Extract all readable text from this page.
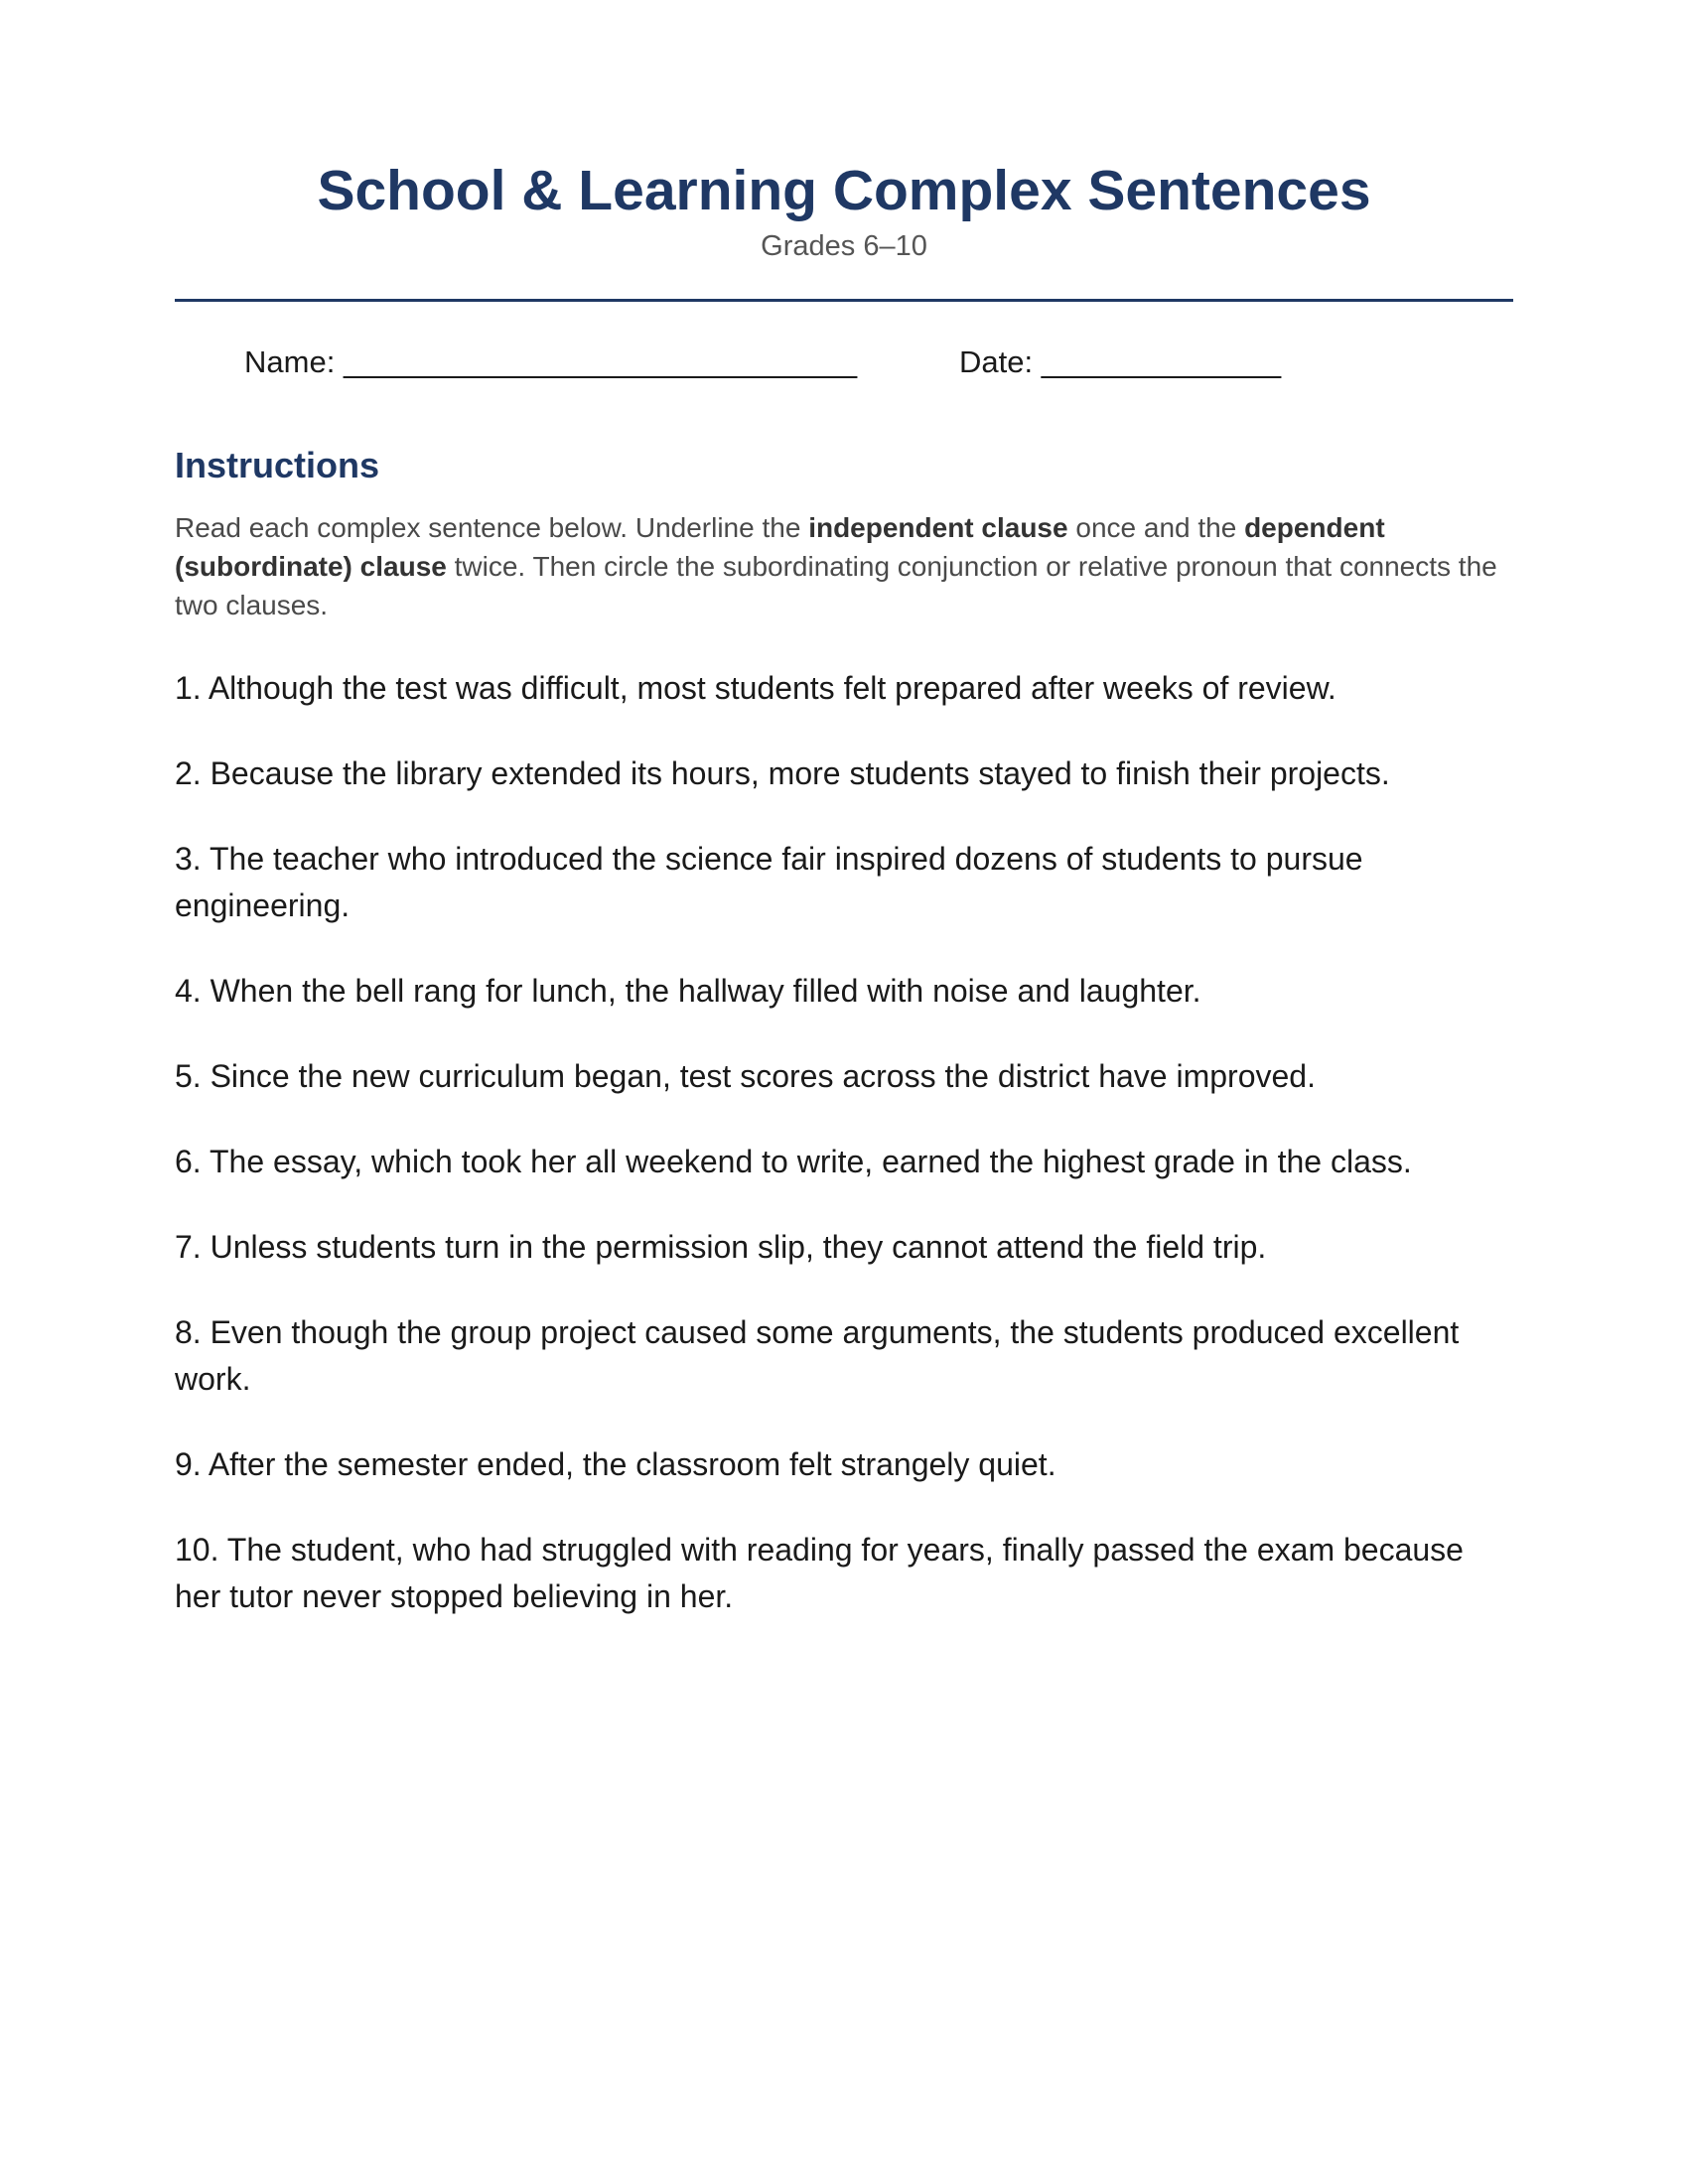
School & Learning Complex Sentences
Grades 6–10
Name: ______________________________	Date: ______________
Instructions

Read each complex sentence below. Underline the independent clause once and the dependent (subordinate) clause twice. Then circle the subordinating conjunction or relative pronoun that connects the two clauses.

1. Although the test was difficult, most students felt prepared after weeks of review.
2. Because the library extended its hours, more students stayed to finish their projects.
3. The teacher who introduced the science fair inspired dozens of students to pursue engineering.
4. When the bell rang for lunch, the hallway filled with noise and laughter.
5. Since the new curriculum began, test scores across the district have improved.
6. The essay, which took her all weekend to write, earned the highest grade in the class.
7. Unless students turn in the permission slip, they cannot attend the field trip.
8. Even though the group project caused some arguments, the students produced excellent work.
9. After the semester ended, the classroom felt strangely quiet.
10. The student, who had struggled with reading for years, finally passed the exam because her tutor never stopped believing in her.
